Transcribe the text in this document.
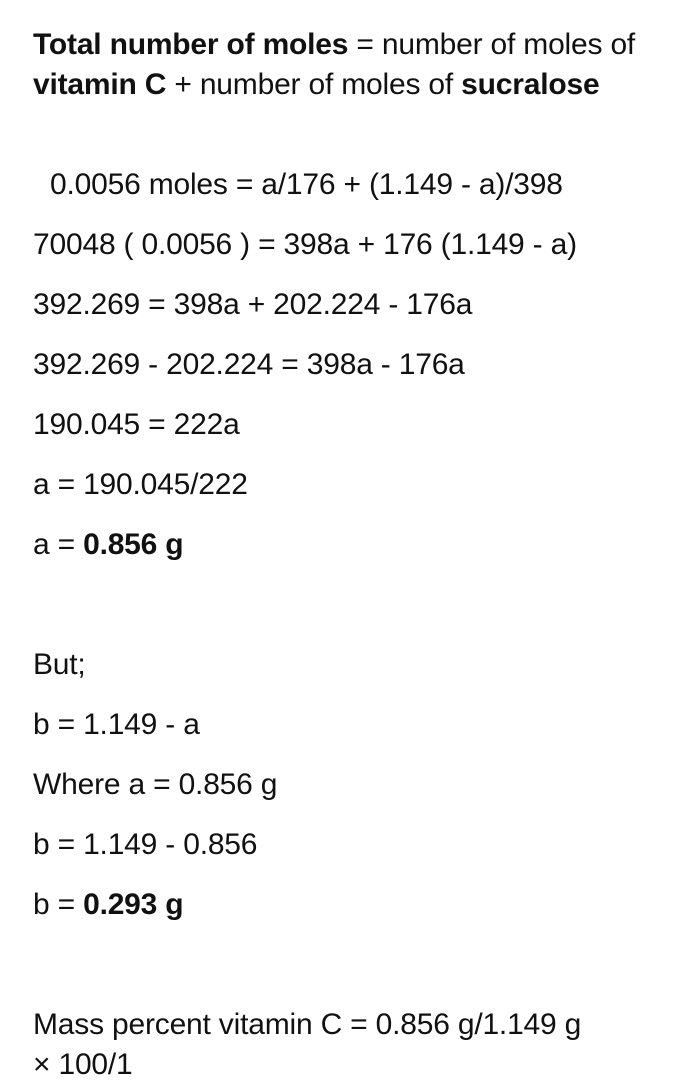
Total number of moles = number of moles of vitamin C + number of moles of sucralose
0.0056 moles = a/176 + (1.149 - a)/398
70048 ( 0.0056 ) = 398a + 176 (1.149 - a)
392.269 = 398a + 202.224 - 176a
392.269 - 202.224 = 398a - 176a
190.045 = 222a
a = 190.045/222
a = 0.856 g
But;
b = 1.149 - a
Where a = 0.856 g
b = 1.149 - 0.856
b = 0.293 g
Mass percent vitamin C = 0.856 g/1.149 g
× 100/1
